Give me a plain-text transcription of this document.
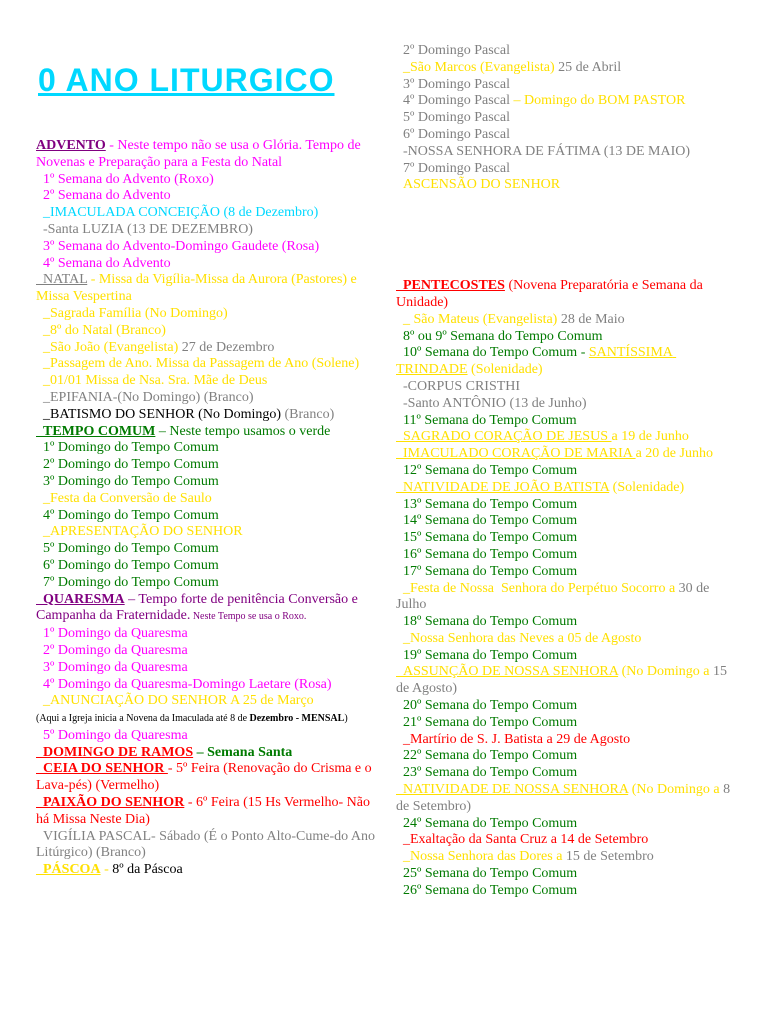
0 ANO LITURGICO
ADVENTO - Neste tempo não se usa o Glória. Tempo de Novenas e Preparação para a Festa do Natal
1º Semana do Advento (Roxo)
2º Semana do Advento
_IMACULADA CONCEIÇÃO (8 de Dezembro)
-Santa LUZIA (13 DE DEZEMBRO)
3º Semana do Advento-Domingo Gaudete (Rosa)
4º Semana do Advento
NATAL - Missa da Vigília-Missa da Aurora (Pastores) e Missa Vespertina
_Sagrada Família (No Domingo)
_8º do Natal (Branco)
_São João (Evangelista) 27 de Dezembro
_Passagem de Ano. Missa da Passagem de Ano (Solene)
_01/01 Missa de Nsa. Sra. Mãe de Deus
_EPIFANIA-(No Domingo) (Branco)
_BATISMO DO SENHOR (No Domingo) (Branco)
TEMPO COMUM – Neste tempo usamos o verde
1º Domingo do Tempo Comum
2º Domingo do Tempo Comum
3º Domingo do Tempo Comum
_Festa da Conversão de Saulo
4º Domingo do Tempo Comum
_APRESENTAÇÃO DO SENHOR
5º Domingo do Tempo Comum
6º Domingo do Tempo Comum
7º Domingo do Tempo Comum
QUARESMA – Tempo forte de penitência Conversão e Campanha da Fraternidade. Neste Tempo se usa o Roxo.
1º Domingo da Quaresma
2º Domingo da Quaresma
3º Domingo da Quaresma
4º Domingo da Quaresma-Domingo Laetare (Rosa)
_ANUNCIAÇÃO DO SENHOR A 25 de Março
(Aqui a Igreja inicia a Novena da Imaculada até 8 de Dezembro - MENSAL)
5º Domingo da Quaresma
DOMINGO DE RAMOS – Semana Santa
CEIA DO SENHOR - 5º Feira (Renovação do Crisma e o Lava-pés) (Vermelho)
PAIXÃO DO SENHOR - 6º Feira (15 Hs Vermelho- Não há Missa Neste Dia)
VIGÍLIA PASCAL- Sábado (É o Ponto Alto-Cume-do Ano Litúrgico) (Branco)
PÁSCOA - 8º da Páscoa
2º Domingo Pascal
_São Marcos (Evangelista) 25 de Abril
3º Domingo Pascal
4º Domingo Pascal – Domingo do BOM PASTOR
5º Domingo Pascal
6º Domingo Pascal
-NOSSA SENHORA DE FÁTIMA (13 DE MAIO)
7º Domingo Pascal
ASCENSÃO DO SENHOR
PENTECOSTES (Novena Preparatória e Semana da Unidade)
_ São Mateus (Evangelista) 28 de Maio
8º ou 9º Semana do Tempo Comum
10º Semana do Tempo Comum - SANTÍSSIMA TRINDADE (Solenidade)
-CORPUS CRISTHI
-Santo ANTÔNIO (13 de Junho)
11º Semana do Tempo Comum
SAGRADO CORAÇÃO DE JESUS a 19 de Junho
IMACULADO CORAÇÃO DE MARIA a 20 de Junho
12º Semana do Tempo Comum
NATIVIDADE DE JOÃO BATISTA (Solenidade)
13º Semana do Tempo Comum
14º Semana do Tempo Comum
15º Semana do Tempo Comum
16º Semana do Tempo Comum
17º Semana do Tempo Comum
_Festa de Nossa  Senhora do Perpétuo Socorro a 30 de Julho
18º Semana do Tempo Comum
_Nossa Senhora das Neves a 05 de Agosto
19º Semana do Tempo Comum
ASSUNÇÃO DE NOSSA SENHORA (No Domingo a 15 de Agosto)
20º Semana do Tempo Comum
21º Semana do Tempo Comum
_Martírio de S. J. Batista a 29 de Agosto
22º Semana do Tempo Comum
23º Semana do Tempo Comum
NATIVIDADE DE NOSSA SENHORA (No Domingo a 8 de Setembro)
24º Semana do Tempo Comum
_Exaltação da Santa Cruz a 14 de Setembro
_Nossa Senhora das Dores a 15 de Setembro
25º Semana do Tempo Comum
26º Semana do Tempo Comum
